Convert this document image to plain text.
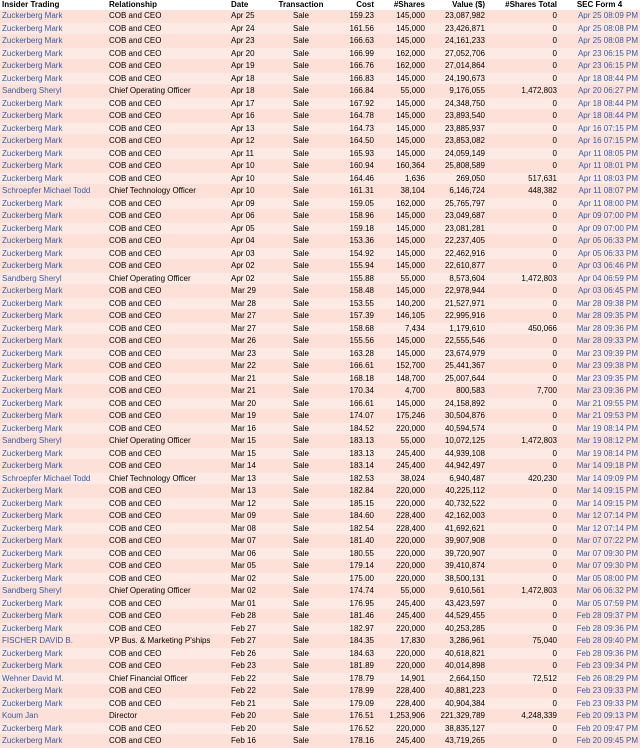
Insider Trading	Relationship	Date	Transaction	Cost	#Shares	Value ($)	#Shares Total	SEC Form 4
Zuckerberg Mark	COB and CEO	Apr 25	Sale	159.23	145,000	23,087,982	0	Apr 25 08:09 PM
Zuckerberg Mark	COB and CEO	Apr 24	Sale	161.56	145,000	23,426,871	0	Apr 25 08:08 PM
Zuckerberg Mark	COB and CEO	Apr 23	Sale	166.63	145,000	24,161,233	0	Apr 25 08:08 PM
Zuckerberg Mark	COB and CEO	Apr 20	Sale	166.99	162,000	27,052,706	0	Apr 23 06:15 PM
Zuckerberg Mark	COB and CEO	Apr 19	Sale	166.76	162,000	27,014,864	0	Apr 23 06:15 PM
Zuckerberg Mark	COB and CEO	Apr 18	Sale	166.83	145,000	24,190,673	0	Apr 18 08:44 PM
Sandberg Sheryl	Chief Operating Officer	Apr 18	Sale	166.84	55,000	9,176,055	1,472,803	Apr 20 06:27 PM
Zuckerberg Mark	COB and CEO	Apr 17	Sale	167.92	145,000	24,348,750	0	Apr 18 08:44 PM
Zuckerberg Mark	COB and CEO	Apr 16	Sale	164.78	145,000	23,893,540	0	Apr 18 08:44 PM
Zuckerberg Mark	COB and CEO	Apr 13	Sale	164.73	145,000	23,885,937	0	Apr 16 07:15 PM
Zuckerberg Mark	COB and CEO	Apr 12	Sale	164.50	145,000	23,853,082	0	Apr 16 07:15 PM
Zuckerberg Mark	COB and CEO	Apr 11	Sale	165.93	145,000	24,059,149	0	Apr 11 08:05 PM
Zuckerberg Mark	COB and CEO	Apr 10	Sale	160.94	160,364	25,808,589	0	Apr 11 08:01 PM
Zuckerberg Mark	COB and CEO	Apr 10	Sale	164.46	1,636	269,050	517,631	Apr 11 08:03 PM
Schroepfer Michael Todd	Chief Technology Officer	Apr 10	Sale	161.31	38,104	6,146,724	448,382	Apr 11 08:07 PM
Zuckerberg Mark	COB and CEO	Apr 09	Sale	159.05	162,000	25,765,797	0	Apr 11 08:00 PM
Zuckerberg Mark	COB and CEO	Apr 06	Sale	158.96	145,000	23,049,687	0	Apr 09 07:00 PM
Zuckerberg Mark	COB and CEO	Apr 05	Sale	159.18	145,000	23,081,281	0	Apr 09 07:00 PM
Zuckerberg Mark	COB and CEO	Apr 04	Sale	153.36	145,000	22,237,405	0	Apr 05 06:33 PM
Zuckerberg Mark	COB and CEO	Apr 03	Sale	154.92	145,000	22,462,916	0	Apr 05 06:33 PM
Zuckerberg Mark	COB and CEO	Apr 02	Sale	155.94	145,000	22,610,877	0	Apr 03 06:46 PM
Sandberg Sheryl	Chief Operating Officer	Apr 02	Sale	155.88	55,000	8,573,604	1,472,803	Apr 04 06:59 PM
Zuckerberg Mark	COB and CEO	Mar 29	Sale	158.48	145,000	22,978,944	0	Apr 03 06:45 PM
Zuckerberg Mark	COB and CEO	Mar 28	Sale	153.55	140,200	21,527,971	0	Mar 28 09:38 PM
Zuckerberg Mark	COB and CEO	Mar 27	Sale	157.39	146,105	22,995,916	0	Mar 28 09:35 PM
Zuckerberg Mark	COB and CEO	Mar 27	Sale	158.68	7,434	1,179,610	450,066	Mar 28 09:36 PM
Zuckerberg Mark	COB and CEO	Mar 26	Sale	155.56	145,000	22,555,546	0	Mar 28 09:33 PM
Zuckerberg Mark	COB and CEO	Mar 23	Sale	163.28	145,000	23,674,979	0	Mar 23 09:39 PM
Zuckerberg Mark	COB and CEO	Mar 22	Sale	166.61	152,700	25,441,367	0	Mar 23 09:38 PM
Zuckerberg Mark	COB and CEO	Mar 21	Sale	168.18	148,700	25,007,644	0	Mar 23 09:35 PM
Zuckerberg Mark	COB and CEO	Mar 21	Sale	170.34	4,700	800,583	7,700	Mar 23 09:36 PM
Zuckerberg Mark	COB and CEO	Mar 20	Sale	166.61	145,000	24,158,892	0	Mar 21 09:55 PM
Zuckerberg Mark	COB and CEO	Mar 19	Sale	174.07	175,246	30,504,876	0	Mar 21 09:53 PM
Zuckerberg Mark	COB and CEO	Mar 16	Sale	184.52	220,000	40,594,574	0	Mar 19 08:14 PM
Sandberg Sheryl	Chief Operating Officer	Mar 15	Sale	183.13	55,000	10,072,125	1,472,803	Mar 19 08:12 PM
Zuckerberg Mark	COB and CEO	Mar 15	Sale	183.13	245,400	44,939,108	0	Mar 19 08:14 PM
Zuckerberg Mark	COB and CEO	Mar 14	Sale	183.14	245,400	44,942,497	0	Mar 14 09:18 PM
Schroepfer Michael Todd	Chief Technology Officer	Mar 13	Sale	182.53	38,024	6,940,487	420,230	Mar 14 09:09 PM
Zuckerberg Mark	COB and CEO	Mar 13	Sale	182.84	220,000	40,225,112	0	Mar 14 09:15 PM
Zuckerberg Mark	COB and CEO	Mar 12	Sale	185.15	220,000	40,732,522	0	Mar 14 09:15 PM
Zuckerberg Mark	COB and CEO	Mar 09	Sale	184.60	228,400	42,162,003	0	Mar 12 07:14 PM
Zuckerberg Mark	COB and CEO	Mar 08	Sale	182.54	228,400	41,692,621	0	Mar 12 07:14 PM
Zuckerberg Mark	COB and CEO	Mar 07	Sale	181.40	220,000	39,907,908	0	Mar 07 07:22 PM
Zuckerberg Mark	COB and CEO	Mar 06	Sale	180.55	220,000	39,720,907	0	Mar 07 09:30 PM
Zuckerberg Mark	COB and CEO	Mar 05	Sale	179.14	220,000	39,410,874	0	Mar 07 09:30 PM
Zuckerberg Mark	COB and CEO	Mar 02	Sale	175.00	220,000	38,500,131	0	Mar 05 08:00 PM
Sandberg Sheryl	Chief Operating Officer	Mar 02	Sale	174.74	55,000	9,610,561	1,472,803	Mar 06 06:32 PM
Zuckerberg Mark	COB and CEO	Mar 01	Sale	176.95	245,400	43,423,597	0	Mar 05 07:59 PM
Zuckerberg Mark	COB and CEO	Feb 28	Sale	181.46	245,400	44,529,455	0	Feb 28 09:37 PM
Zuckerberg Mark	COB and CEO	Feb 27	Sale	182.97	220,000	40,253,285	0	Feb 28 09:36 PM
FISCHER DAVID B.	VP Bus. & Marketing P'ships	Feb 27	Sale	184.35	17,830	3,286,961	75,040	Feb 28 09:40 PM
Zuckerberg Mark	COB and CEO	Feb 26	Sale	184.63	220,000	40,618,821	0	Feb 28 09:36 PM
Zuckerberg Mark	COB and CEO	Feb 23	Sale	181.89	220,000	40,014,898	0	Feb 23 09:34 PM
Wehner David M.	Chief Financial Officer	Feb 22	Sale	178.79	14,901	2,664,150	72,512	Feb 26 08:29 PM
Zuckerberg Mark	COB and CEO	Feb 22	Sale	178.99	228,400	40,881,223	0	Feb 23 09:33 PM
Zuckerberg Mark	COB and CEO	Feb 21	Sale	179.09	228,400	40,904,384	0	Feb 23 09:33 PM
Koum Jan	Director	Feb 20	Sale	176.51	1,253,906	221,329,789	4,248,339	Feb 20 09:13 PM
Zuckerberg Mark	COB and CEO	Feb 20	Sale	176.52	220,000	38,835,127	0	Feb 20 09:47 PM
Zuckerberg Mark	COB and CEO	Feb 16	Sale	178.16	245,400	43,719,265	0	Feb 20 09:45 PM
